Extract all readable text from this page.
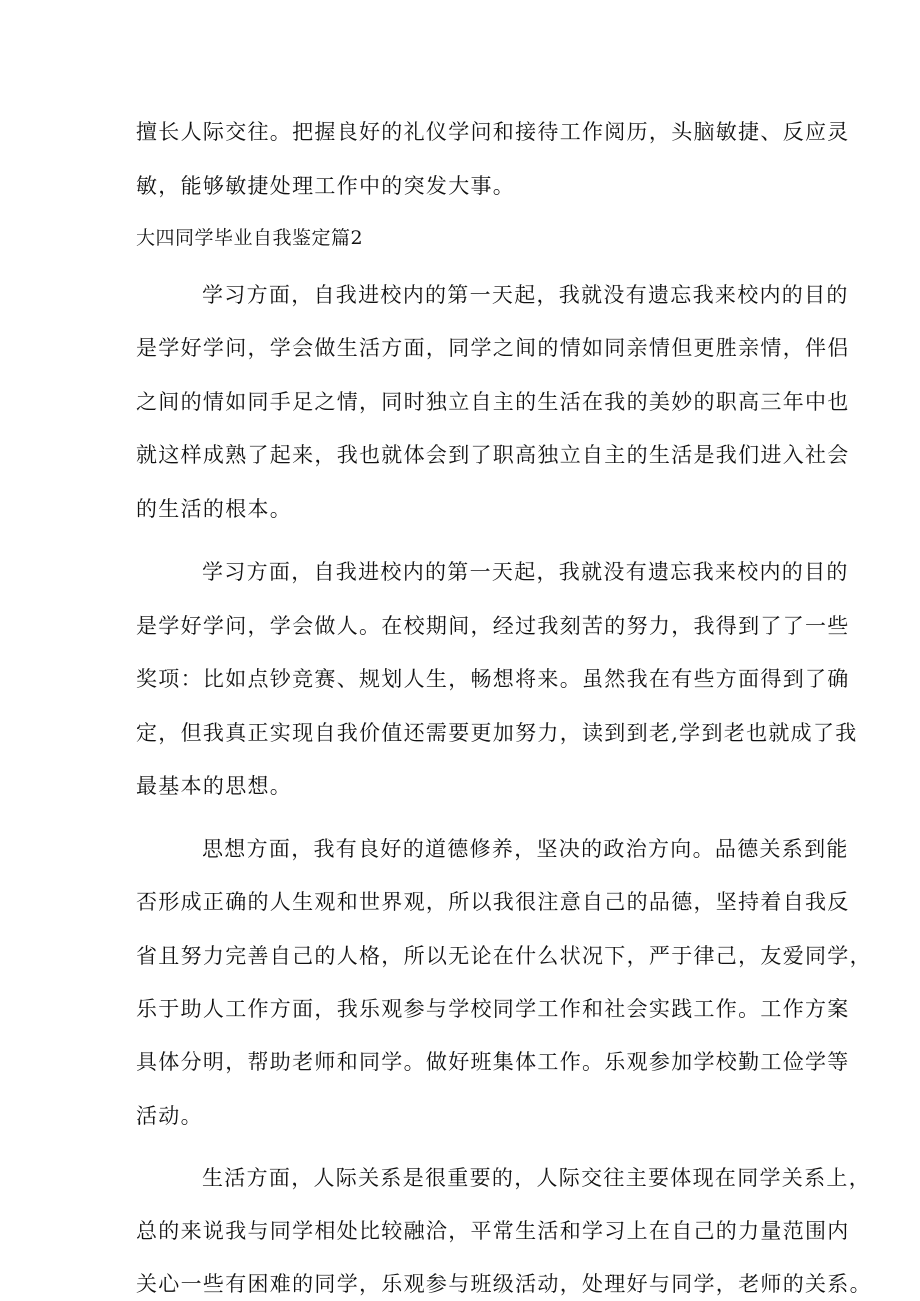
擅长人际交往。把握良好的礼仪学问和接待工作阅历，头脑敏捷、反应灵

敏，能够敏捷处理工作中的突发大事。

大四同学毕业自我鉴定篇2

学习方面，自我进校内的第一天起，我就没有遗忘我来校内的目的

是学好学问，学会做生活方面，同学之间的情如同亲情但更胜亲情，伴侣

之间的情如同手足之情，同时独立自主的生活在我的美妙的职高三年中也

就这样成熟了起来，我也就体会到了职高独立自主的生活是我们进入社会

的生活的根本。

学习方面，自我进校内的第一天起，我就没有遗忘我来校内的目的

是学好学问，学会做人。在校期间，经过我刻苦的努力，我得到了了一些

奖项：比如点钞竞赛、规划人生，畅想将来。虽然我在有些方面得到了确

定，但我真正实现自我价值还需要更加努力，读到到老,学到老也就成了我

最基本的思想。

思想方面，我有良好的道德修养，坚决的政治方向。品德关系到能

否形成正确的人生观和世界观，所以我很注意自己的品德，坚持着自我反

省且努力完善自己的人格，所以无论在什么状况下，严于律己，友爱同学，

乐于助人工作方面，我乐观参与学校同学工作和社会实践工作。工作方案

具体分明，帮助老师和同学。做好班集体工作。乐观参加学校勤工俭学等

活动。

生活方面，人际关系是很重要的，人际交往主要体现在同学关系上，

总的来说我与同学相处比较融洽，平常生活和学习上在自己的力量范围内

关心一些有困难的同学，乐观参与班级活动，处理好与同学，老师的关系。
